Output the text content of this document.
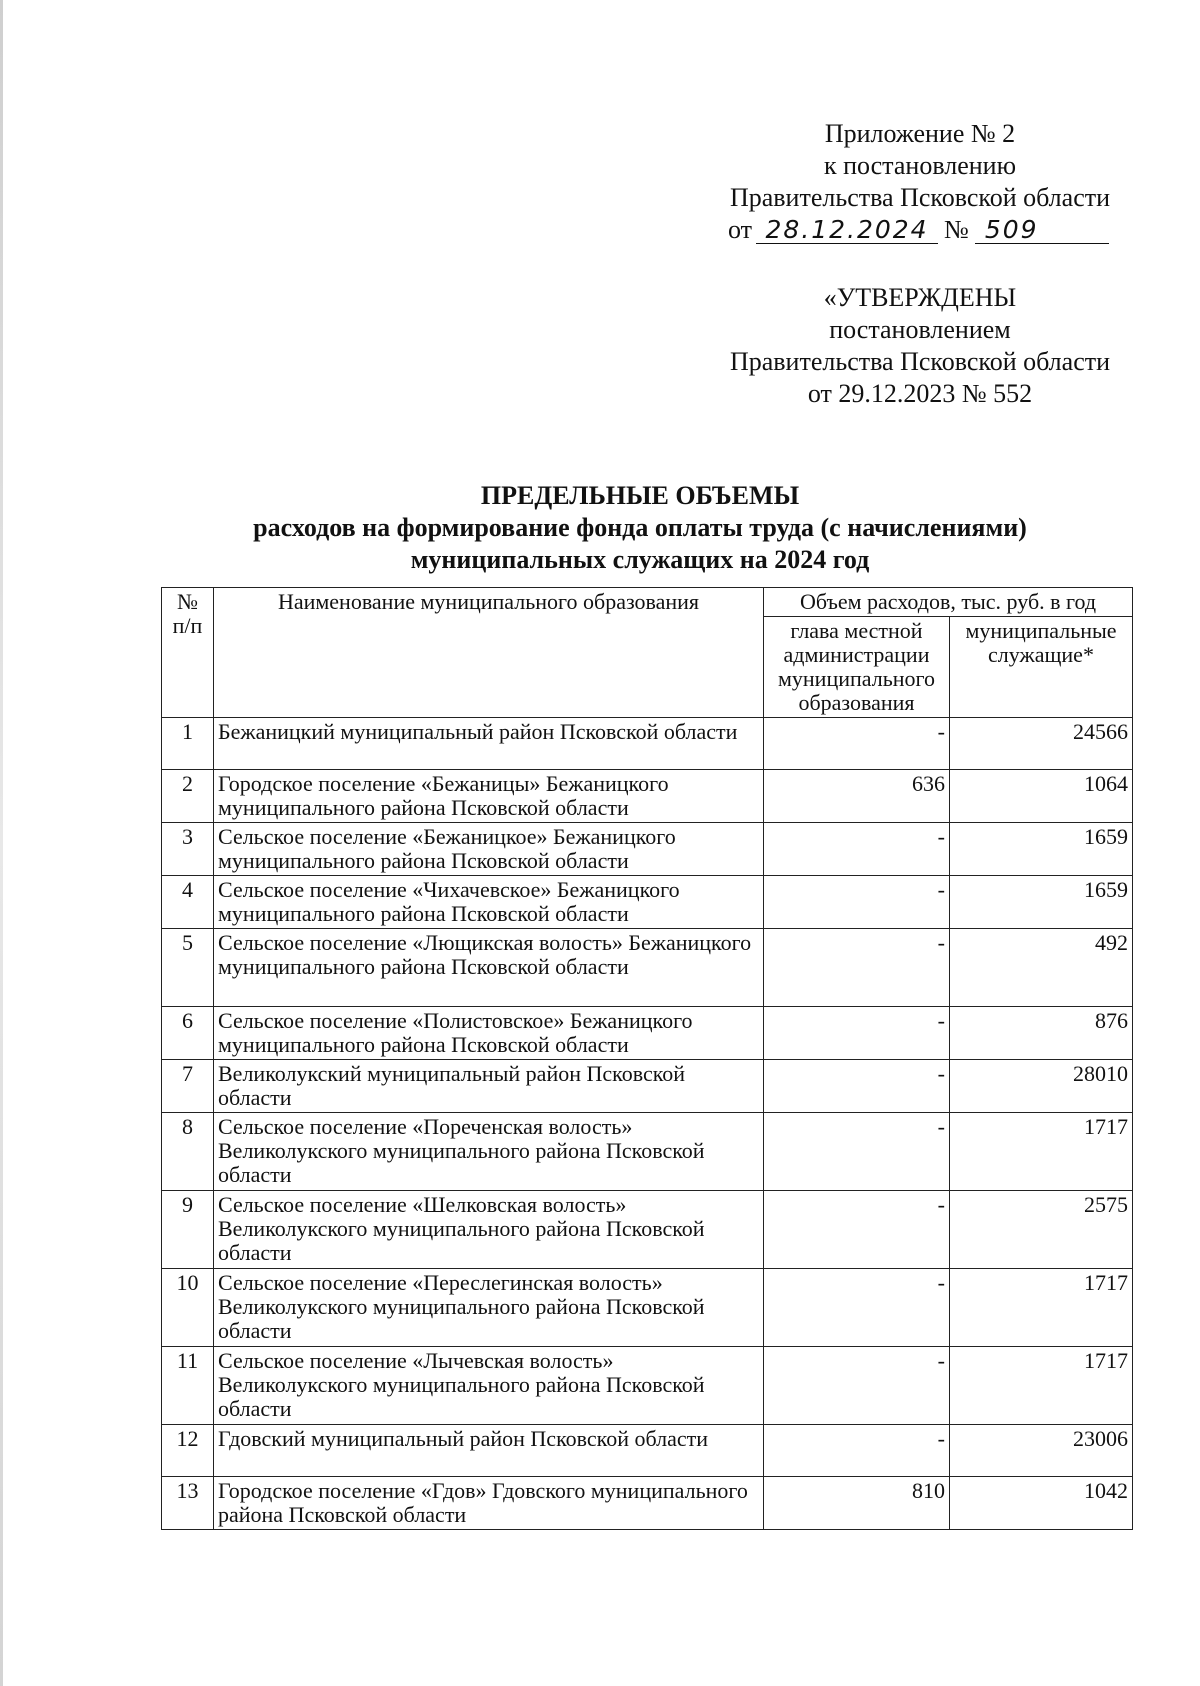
Приложение № 2
к постановлению
Правительства Псковской области
от 28.12.2024 № 509
«УТВЕРЖДЕНЫ
постановлением
Правительства Псковской области
от 29.12.2023 № 552
ПРЕДЕЛЬНЫЕ ОБЪЕМЫ
расходов на формирование фонда оплаты труда (с начислениями)
муниципальных служащих на 2024 год
№
п/п	Наименование муниципального образования	Объем расходов, тыс. руб. в год	
		глава местной администрации муниципального образования	муниципальные служащие*
1	Бежаницкий муниципальный район Псковской области	-	24566
2	Городское поселение «Бежаницы» Бежаницкого муниципального района Псковской области	636	1064
3	Сельское поселение «Бежаницкое» Бежаницкого муниципального района Псковской области	-	1659
4	Сельское поселение «Чихачевское» Бежаницкого муниципального района Псковской области	-	1659
5	Сельское поселение «Лющикская волость» Бежаницкого муниципального района Псковской области	-	492
6	Сельское поселение «Полистовское» Бежаницкого муниципального района Псковской области	-	876
7	Великолукский муниципальный район Псковской области	-	28010
8	Сельское поселение «Пореченская волость» Великолукского муниципального района Псковской области	-	1717
9	Сельское поселение «Шелковская волость» Великолукского муниципального района Псковской области	-	2575
10	Сельское поселение «Переслегинская волость» Великолукского муниципального района Псковской области	-	1717
11	Сельское поселение «Лычевская волость» Великолукского муниципального района Псковской области	-	1717
12	Гдовский муниципальный район Псковской области	-	23006
13	Городское поселение «Гдов» Гдовского муниципального района Псковской области	810	1042
